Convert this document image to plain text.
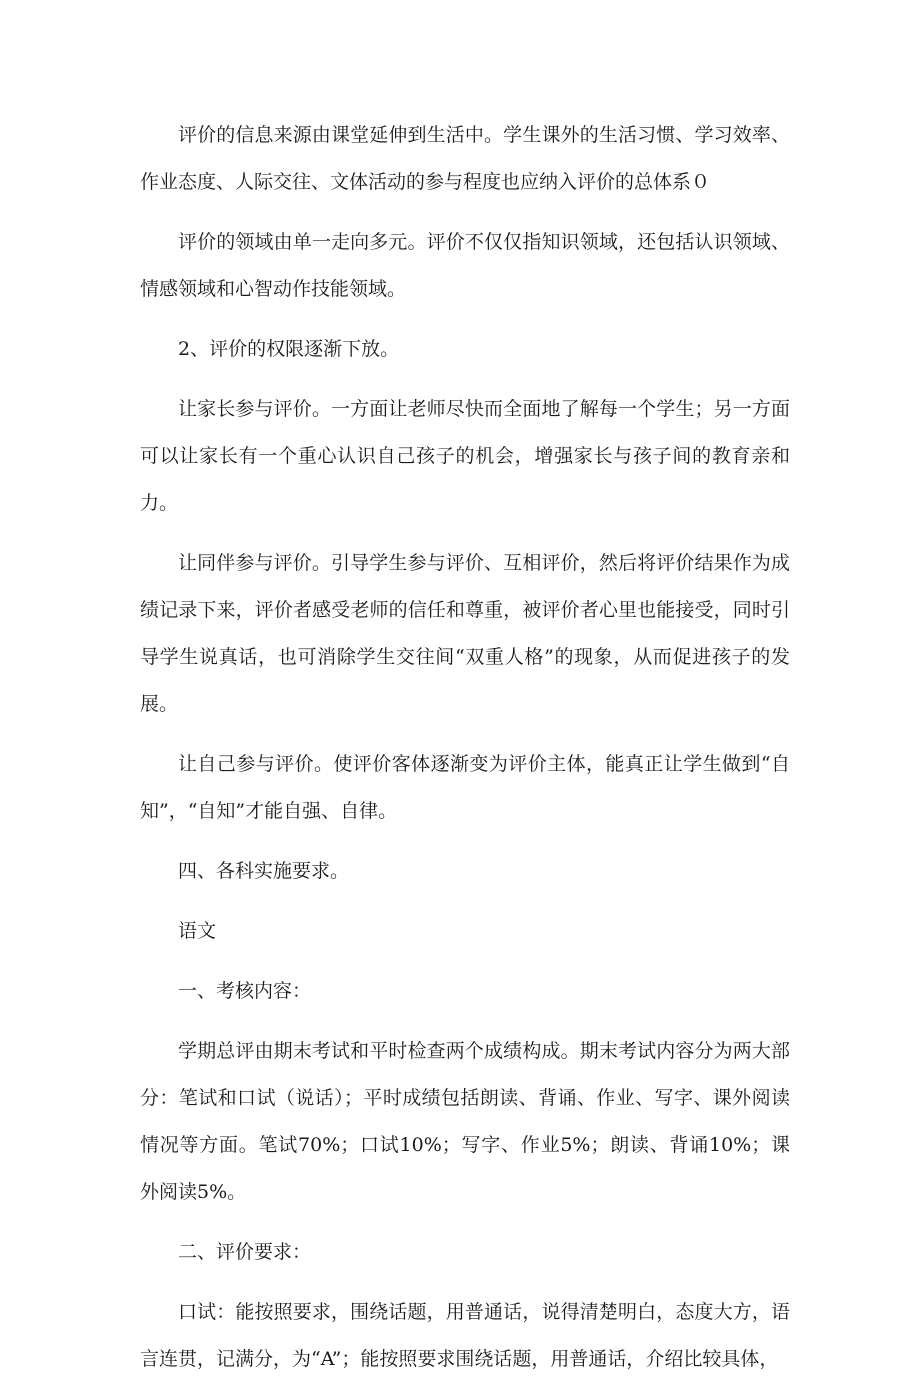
评价的信息来源由课堂延伸到生活中。学生课外的生活习惯、学习效率、作业态度、人际交往、文体活动的参与程度也应纳入评价的总体系０

评价的领域由单一走向多元。评价不仅仅指知识领域，还包括认识领域、情感领域和心智动作技能领域。

2、评价的权限逐渐下放。

让家长参与评价。一方面让老师尽快而全面地了解每一个学生；另一方面可以让家长有一个重心认识自己孩子的机会，增强家长与孩子间的教育亲和力。

让同伴参与评价。引导学生参与评价、互相评价，然后将评价结果作为成绩记录下来，评价者感受老师的信任和尊重，被评价者心里也能接受，同时引导学生说真话，也可消除学生交往间“双重人格”的现象，从而促进孩子的发展。

让自己参与评价。使评价客体逐渐变为评价主体，能真正让学生做到“自知”，“自知”才能自强、自律。

四、各科实施要求。

语文

一、考核内容：

学期总评由期末考试和平时检查两个成绩构成。期末考试内容分为两大部分：笔试和口试（说话）；平时成绩包括朗读、背诵、作业、写字、课外阅读情况等方面。笔试70%；口试10%；写字、作业5%；朗读、背诵10%；课外阅读5%。

二、评价要求：

口试：能按照要求，围绕话题，用普通话，说得清楚明白，态度大方，语言连贯，记满分，为“A”；能按照要求围绕话题，用普通话，介绍比较具体，
